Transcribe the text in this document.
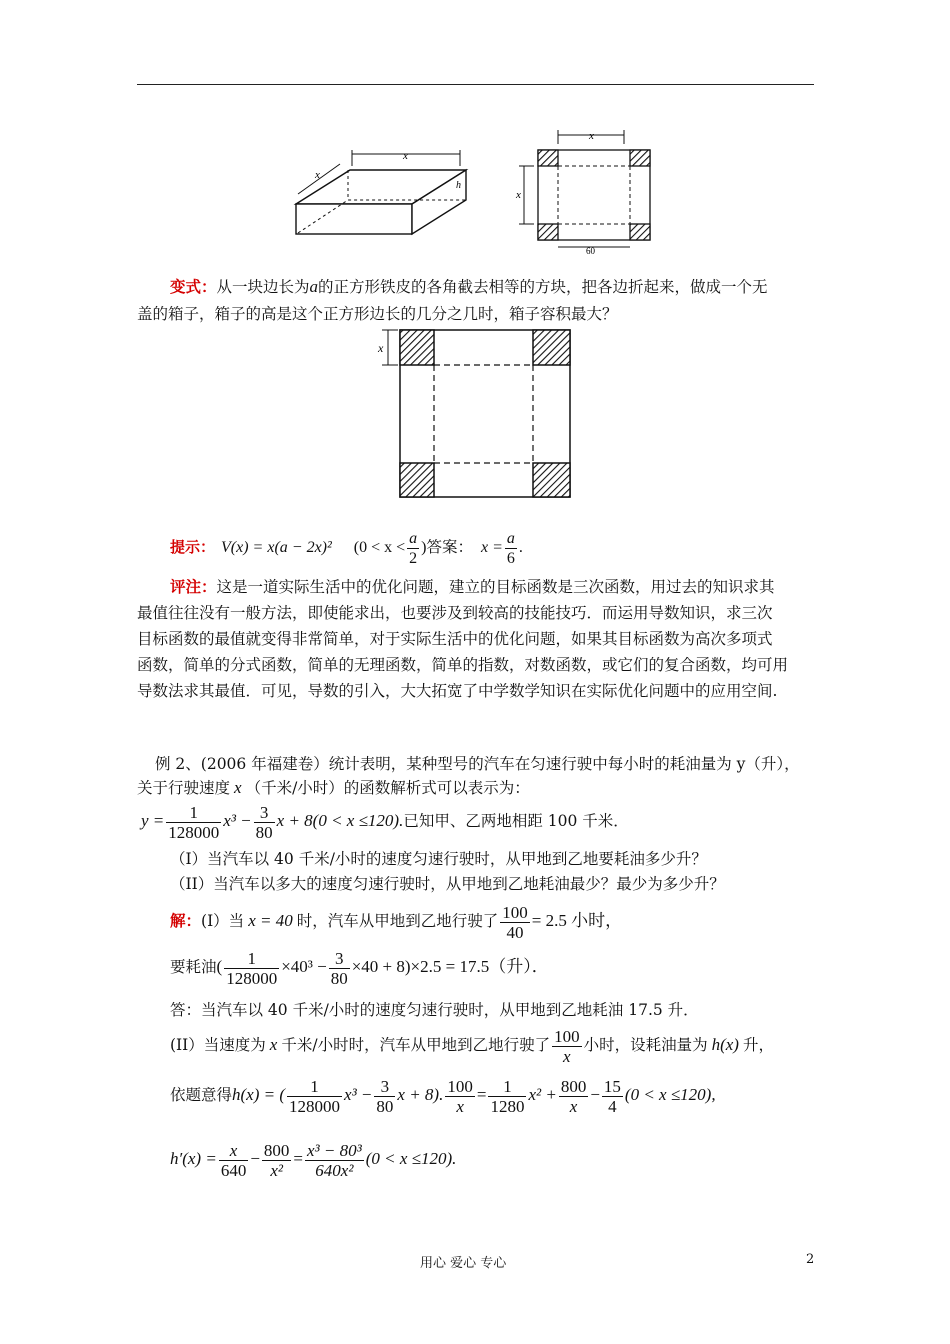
x
x
h
x
x
60
变式：从一块边长为a的正方形铁皮的各角截去相等的方块，把各边折起来，做成一个无
盖的箱子，箱子的高是这个正方形边长的几分之几时，箱子容积最大？
x
提示： V(x) = x(a − 2x)² ($0 < x < \frac{a}{2}$ )答案： $x = \frac{a}{6}$ .
评注：这是一道实际生活中的优化问题，建立的目标函数是三次函数，用过去的知识求其
最值往往没有一般方法，即使能求出，也要涉及到较高的技能技巧．而运用导数知识，求三次
目标函数的最值就变得非常简单，对于实际生活中的优化问题，如果其目标函数为高次多项式
函数，简单的分式函数，简单的无理函数，简单的指数，对数函数，或它们的复合函数，均可用
导数法求其最值．可见，导数的引入，大大拓宽了中学数学知识在实际优化问题中的应用空间.
例 2、(2006 年福建卷）统计表明，某种型号的汽车在匀速行驶中每小时的耗油量为 y（升），
关于行驶速度 x （千米/小时）的函数解析式可以表示为：
$y = \frac{1}{128000} x^3 - \frac{3}{80}$ x + 8(0 < x ≤120).已知甲、乙两地相距 100 千米．
（I）当汽车以 40 千米/小时的速度匀速行驶时，从甲地到乙地要耗油多少升？
（II）当汽车以多大的速度匀速行驶时，从甲地到乙地耗油最少？最少为多少升？
解：(I）当 x = 40 时，汽车从甲地到乙地行驶了 $\frac{100}{40} = 2.5$ 小时，
要耗油( $\frac{1}{128000} \times 40^3 - \frac{3}{80} \times 40 + 8)\times 2.5 = 17.5$（升）．
答：当汽车以 40 千米/小时的速度匀速行驶时，从甲地到乙地耗油 17.5 升．
(II）当速度为 x 千米/小时时，汽车从甲地到乙地行驶了 $\frac{100}{x}$ 小时，设耗油量为 h(x) 升，
依题意得h(x) = ( $\frac{1}{128000} x^3 - \frac{3}{80}$ x + 8). $\frac{100}{x} = \frac{1}{1280} x^2 + \frac{800}{x} - \frac{15}{4} (0 < x \le 120)$,
$h'(x) = \frac{x}{640} - \frac{800}{\text{x²}} = \frac{\text{x³ − 80³}}{\text{640x²}} (0 < x \le 120)$.
用心 爱心 专心	2
